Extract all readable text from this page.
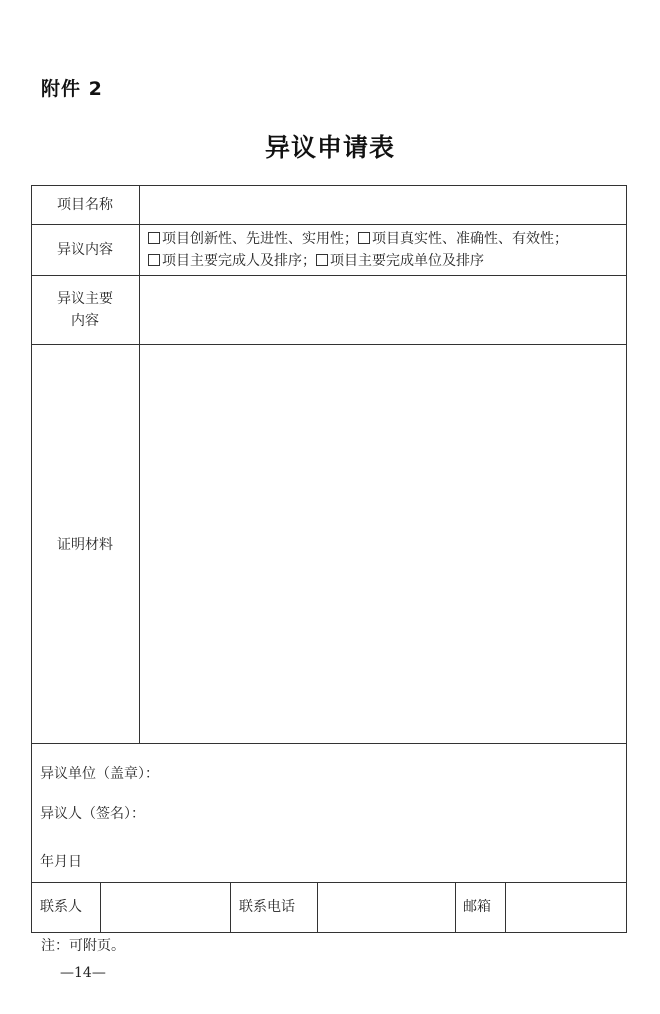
附件 2
异议申请表
项目名称
异议内容
项目创新性、先进性、实用性； 项目真实性、准确性、有效性；
项目主要完成人及排序； 项目主要完成单位及排序
异议主要
内容
证明材料
异议单位（盖章）：
异议人（签名）：
年月日
联系人	联系电话	邮箱
注：可附页。
—14—
